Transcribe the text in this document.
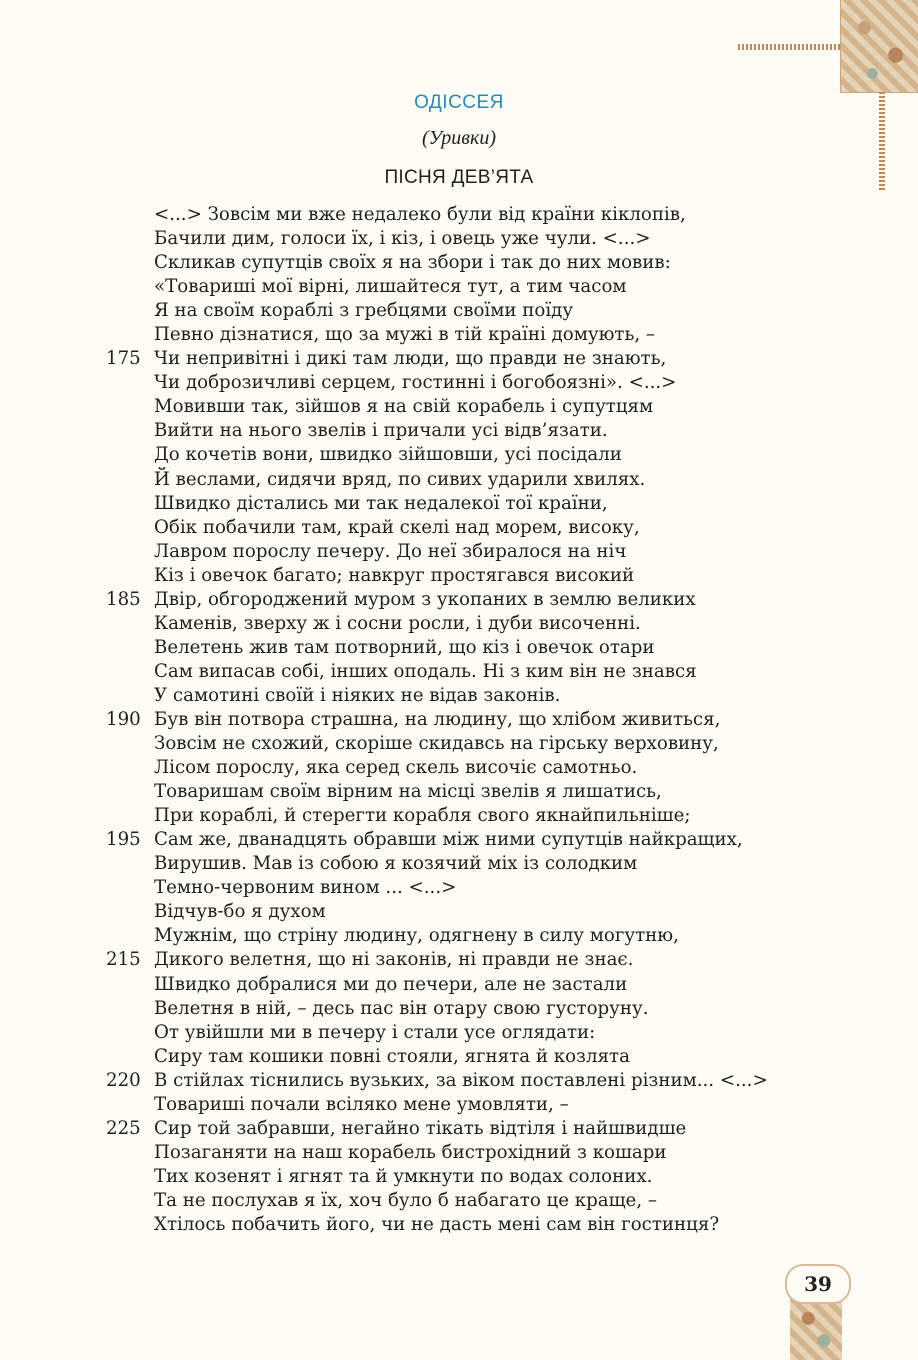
ОДІССЕЯ
(Уривки)
ПІСНЯ ДЕВ’ЯТА
<...> Зовсім ми вже недалеко були від країни кіклопів,
Бачили дим, голоси їх, і кіз, і овець уже чули. <...>
Скликав супутців своїх я на збори і так до них мовив:
«Товариші мої вірні, лишайтеся тут, а тим часом
Я на своїм кораблі з гребцями своїми поїду
Певно дізнатися, що за мужі в тій країні домують, –
175 Чи непривітні і дикі там люди, що правди не знають,
Чи доброзичливі серцем, гостинні і богобоязні». <...>
Мовивши так, зійшов я на свій корабель і супутцям
Вийти на нього звелів і причали усі відв’язати.
До кочетів вони, швидко зійшовши, усі посідали
Й веслами, сидячи вряд, по сивих ударили хвилях.
Швидко дістались ми так недалекої тої країни,
Обік побачили там, край скелі над морем, високу,
Лавром порослу печеру. До неї збиралося на ніч
Кіз і овечок багато; навкруг простягався високий
185 Двір, обгороджений муром з укопаних в землю великих
Каменів, зверху ж і сосни росли, і дуби височенні.
Велетень жив там потворний, що кіз і овечок отари
Сам випасав собі, інших оподаль. Ні з ким він не знався
У самотині своїй і ніяких не відав законів.
190 Був він потвора страшна, на людину, що хлібом живиться,
Зовсім не схожий, скоріше скидавсь на гірську верховину,
Лісом порослу, яка серед скель височіє самотньо.
Товаришам своїм вірним на місці звелів я лишатись,
При кораблі, й стерегти корабля свого якнайпильніше;
195 Сам же, дванадцять обравши між ними супутців найкращих,
Вирушив. Мав із собою я козячий міх із солодким
Темно-червоним вином ... <...>
Відчув-бо я духом
Мужнім, що стріну людину, одягнену в силу могутню,
215 Дикого велетня, що ні законів, ні правди не знає.
Швидко добралися ми до печери, але не застали
Велетня в ній, – десь пас він отару свою густоруну.
От увійшли ми в печеру і стали усе оглядати:
Сиру там кошики повні стояли, ягнята й козлята
220 В стійлах тіснились вузьких, за віком поставлені різним... <...>
Товариші почали всіляко мене умовляти, –
225 Сир той забравши, негайно тікать відтіля і найшвидше
Позаганяти на наш корабель бистрохідний з кошари
Тих козенят і ягнят та й умкнути по водах солоних.
Та не послухав я їх, хоч було б набагато це краще, –
Хтілось побачить його, чи не дасть мені сам він гостинця?
39
